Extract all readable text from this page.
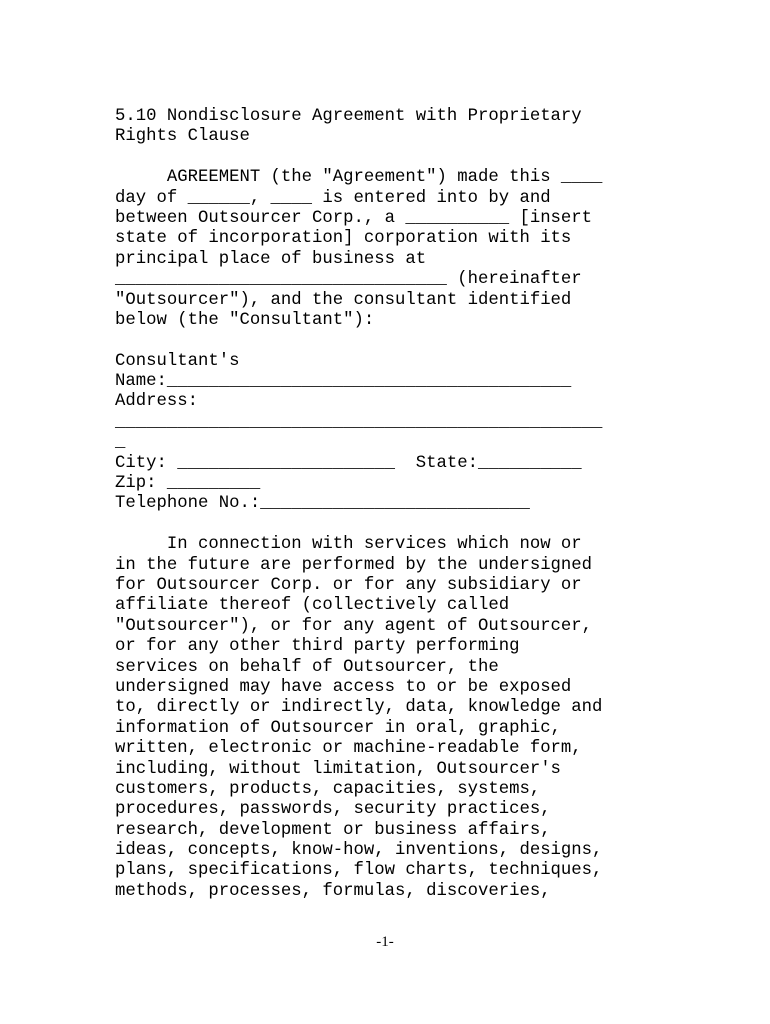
5.10 Nondisclosure Agreement with Proprietary
Rights Clause
AGREEMENT (the "Agreement") made this ____
day of ______, ____ is entered into by and
between Outsourcer Corp., a __________ [insert
state of incorporation] corporation with its
principal place of business at
________________________________ (hereinafter
"Outsourcer"), and the consultant identified
below (the "Consultant"):
Consultant's
Name:_______________________________________
Address:
_______________________________________________
_
City: _____________________  State:__________
Zip: _________
Telephone No.:__________________________
In connection with services which now or
in the future are performed by the undersigned
for Outsourcer Corp. or for any subsidiary or
affiliate thereof (collectively called
"Outsourcer"), or for any agent of Outsourcer,
or for any other third party performing
services on behalf of Outsourcer, the
undersigned may have access to or be exposed
to, directly or indirectly, data, knowledge and
information of Outsourcer in oral, graphic,
written, electronic or machine-readable form,
including, without limitation, Outsourcer's
customers, products, capacities, systems,
procedures, passwords, security practices,
research, development or business affairs,
ideas, concepts, know-how, inventions, designs,
plans, specifications, flow charts, techniques,
methods, processes, formulas, discoveries,
-1-
